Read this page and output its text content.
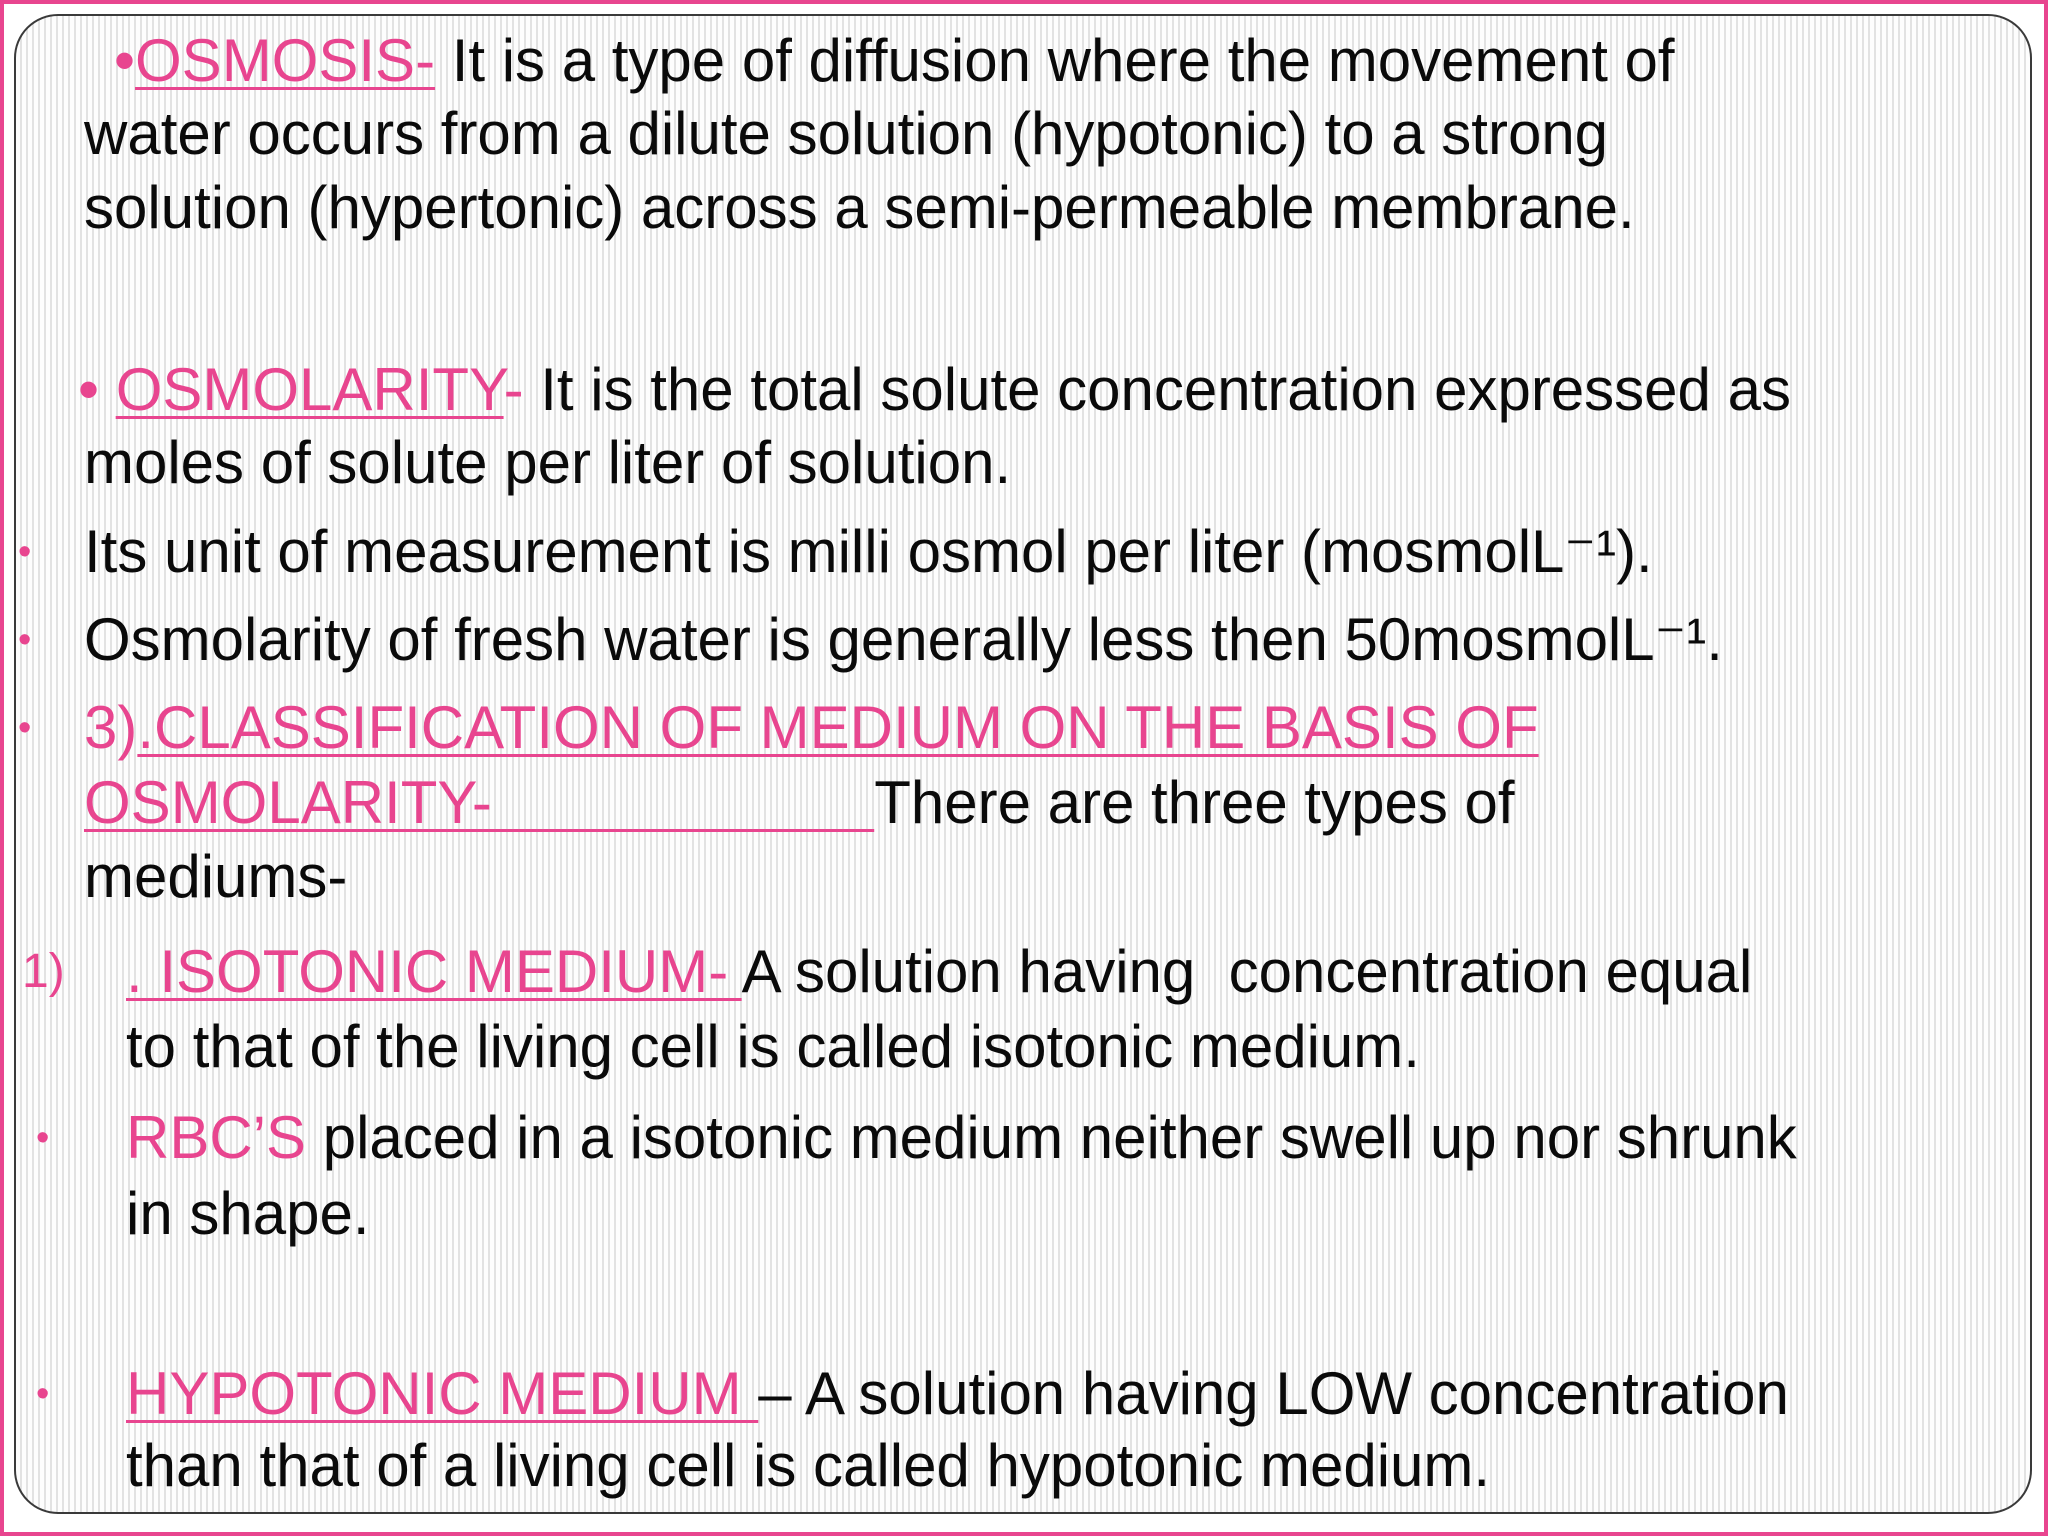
•OSMOSIS- It is a type of diffusion where the movement of
water occurs from a dilute solution (hypotonic) to a strong
solution (hypertonic) across a semi-permeable membrane.
• OSMOLARITY- It is the total solute concentration expressed as
moles of solute per liter of solution.
• Its unit of measurement is milli osmol per liter (mosmolL⁻¹).
• Osmolarity of fresh water is generally less then 50mosmolL⁻¹.
• 3).CLASSIFICATION OF MEDIUM ON THE BASIS OF
OSMOLARITY-                       There are three types of
mediums-
1) . ISOTONIC MEDIUM- A solution having  concentration equal
to that of the living cell is called isotonic medium.
• RBC’S placed in a isotonic medium neither swell up nor shrunk
in shape.
• HYPOTONIC MEDIUM – A solution having LOW concentration
than that of a living cell is called hypotonic medium.
